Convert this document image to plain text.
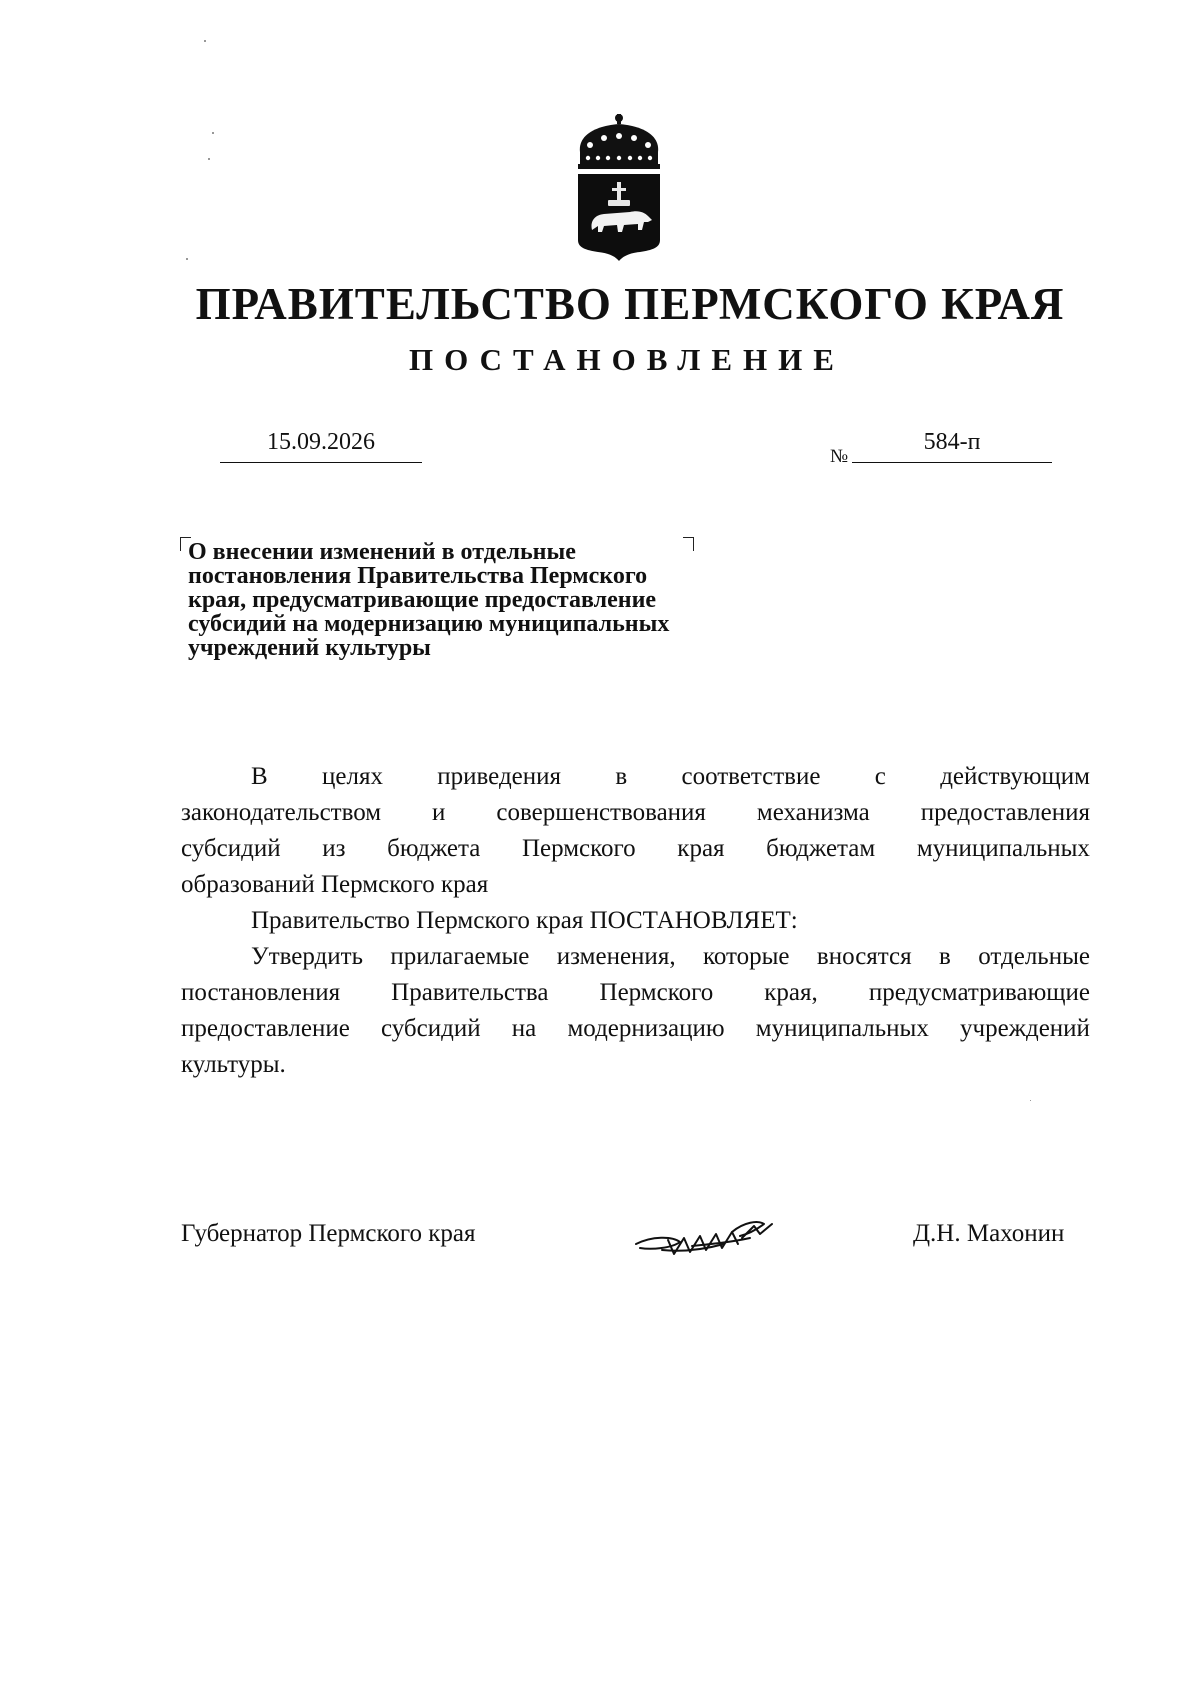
ПРАВИТЕЛЬСТВО ПЕРМСКОГО КРАЯ

ПОСТАНОВЛЕНИЕ

15.09.2026
№
584-п
О внесении изменений в отдельные
постановления Правительства Пермского
края, предусматривающие предоставление
субсидий на модернизацию муниципальных
учреждений культуры
В целях приведения в соответствие с действующим
законодательством и совершенствования механизма предоставления
субсидий из бюджета Пермского края бюджетам муниципальных
образований Пермского края
Правительство Пермского края ПОСТАНОВЛЯЕТ:
Утвердить прилагаемые изменения, которые вносятся в отдельные
постановления Правительства Пермского края, предусматривающие
предоставление субсидий на модернизацию муниципальных учреждений
культуры.
Губернатор Пермского края	Д.Н. Махонин
